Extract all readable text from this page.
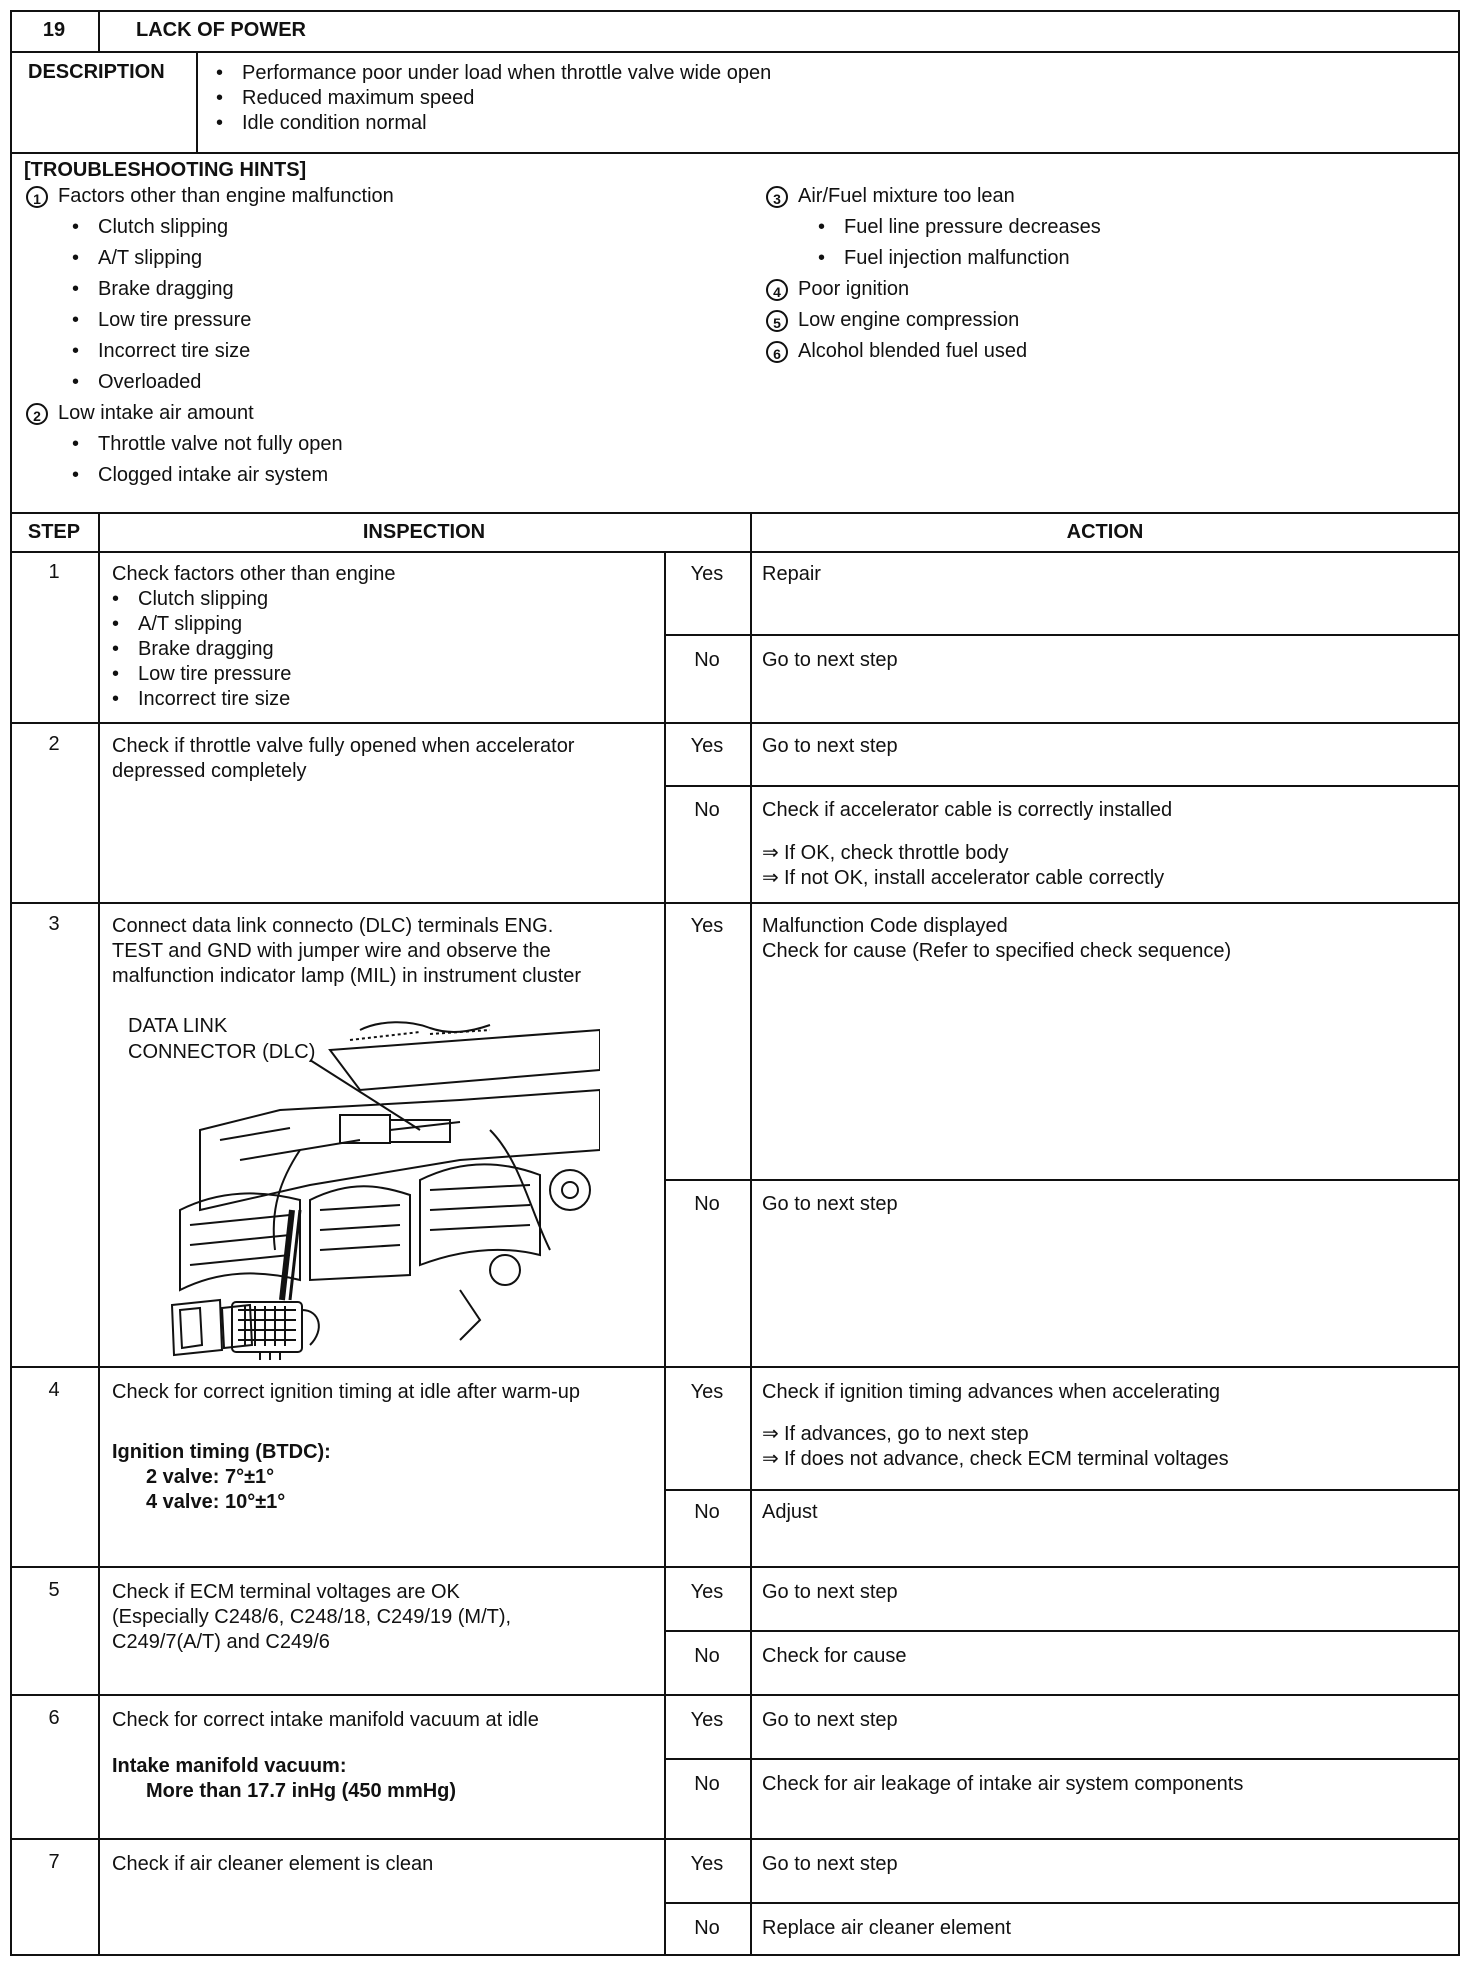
19	LACK OF POWER
DESCRIPTION
•	Performance poor under load when throttle valve wide open
• Reduced maximum speed
• Idle condition normal
[TROUBLESHOOTING HINTS]
1 Factors other than engine malfunction
• Clutch slipping
• A/T slipping
• Brake dragging
• Low tire pressure
• Incorrect tire size
• Overloaded
2 Low intake air amount
• Throttle valve not fully open
• Clogged intake air system
3 Air/Fuel mixture too lean
• Fuel line pressure decreases
• Fuel injection malfunction
4 Poor ignition
5 Low engine compression
6 Alcohol blended fuel used
STEP	INSPECTION	ACTION
1	Check factors other than engine
• Clutch slipping
• A/T slipping
• Brake dragging
• Low tire pressure
• Incorrect tire size
Yes	Repair
No	Go to next step
2	Check if throttle valve fully opened when accelerator
depressed completely
Yes	Go to next step
No	Check if accelerator cable is correctly installed
⇒ If OK, check throttle body
⇒ If not OK, install accelerator cable correctly
3	Connect data link connecto (DLC) terminals ENG.
TEST and GND with jumper wire and observe the
malfunction indicator lamp (MIL) in instrument cluster
DATA LINK
CONNECTOR (DLC)
Yes	Malfunction Code displayed
Check for cause (Refer to specified check sequence)
No	Go to next step
4	Check for correct ignition timing at idle after warm-up
Ignition timing (BTDC):
2 valve: 7°±1°
4 valve: 10°±1°
Yes	Check if ignition timing advances when accelerating
⇒ If advances, go to next step
⇒ If does not advance, check ECM terminal voltages
No	Adjust
5	Check if ECM terminal voltages are OK
(Especially C248/6, C248/18, C249/19 (M/T),
C249/7(A/T) and C249/6
Yes	Go to next step
No	Check for cause
6	Check for correct intake manifold vacuum at idle
Intake manifold vacuum:
More than 17.7 inHg (450 mmHg)
Yes	Go to next step
No	Check for air leakage of intake air system components
7	Check if air cleaner element is clean	Yes	Go to next step
No	Replace air cleaner element
